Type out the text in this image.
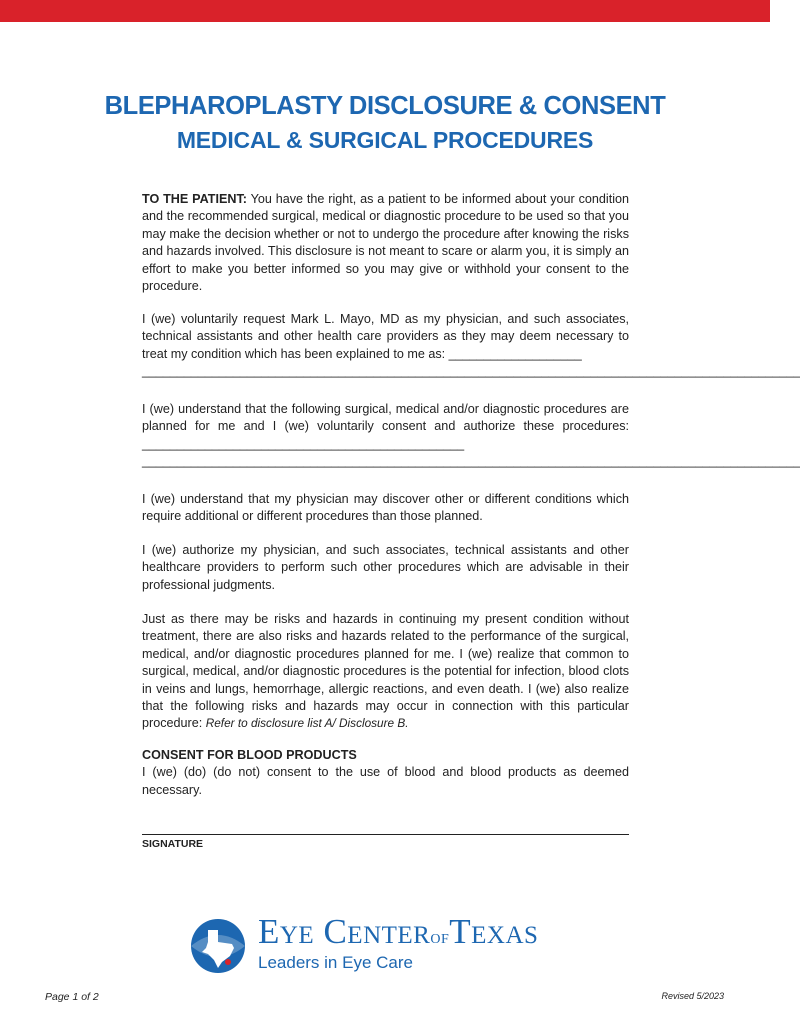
BLEPHAROPLASTY DISCLOSURE & CONSENT
MEDICAL & SURGICAL PROCEDURES

TO THE PATIENT: You have the right, as a patient to be informed about your condition and the recommended surgical, medical or diagnostic procedure to be used so that you may make the decision whether or not to undergo the procedure after knowing the risks and hazards involved. This disclosure is not meant to scare or alarm you, it is simply an effort to make you better informed so you may give or withhold your consent to the procedure.

I (we) voluntarily request Mark L. Mayo, MD as my physician, and such associates, technical assistants and other health care providers as they may deem necessary to treat my condition which has been explained to me as: ___________________
______________________________________________________________________________________________

I (we) understand that the following surgical, medical and/or diagnostic procedures are planned for me and I (we) voluntarily consent and authorize these procedures: ______________________________________________
______________________________________________________________________________________________

I (we) understand that my physician may discover other or different conditions which require additional or different procedures than those planned.

I (we) authorize my physician, and such associates, technical assistants and other healthcare providers to perform such other procedures which are advisable in their professional judgments.

Just as there may be risks and hazards in continuing my present condition without treatment, there are also risks and hazards related to the performance of the surgical, medical, and/or diagnostic procedures planned for me. I (we) realize that common to surgical, medical, and/or diagnostic procedures is the potential for infection, blood clots in veins and lungs, hemorrhage, allergic reactions, and even death. I (we) also realize that the following risks and hazards may occur in connection with this particular procedure: Refer to disclosure list A/ Disclosure B.

CONSENT FOR BLOOD PRODUCTS
I (we) (do) (do not) consent to the use of blood and blood products as deemed necessary.

SIGNATURE

Eye CenterofTexas
Leaders in Eye Care

Page 1 of 2	Revised 5/2023
